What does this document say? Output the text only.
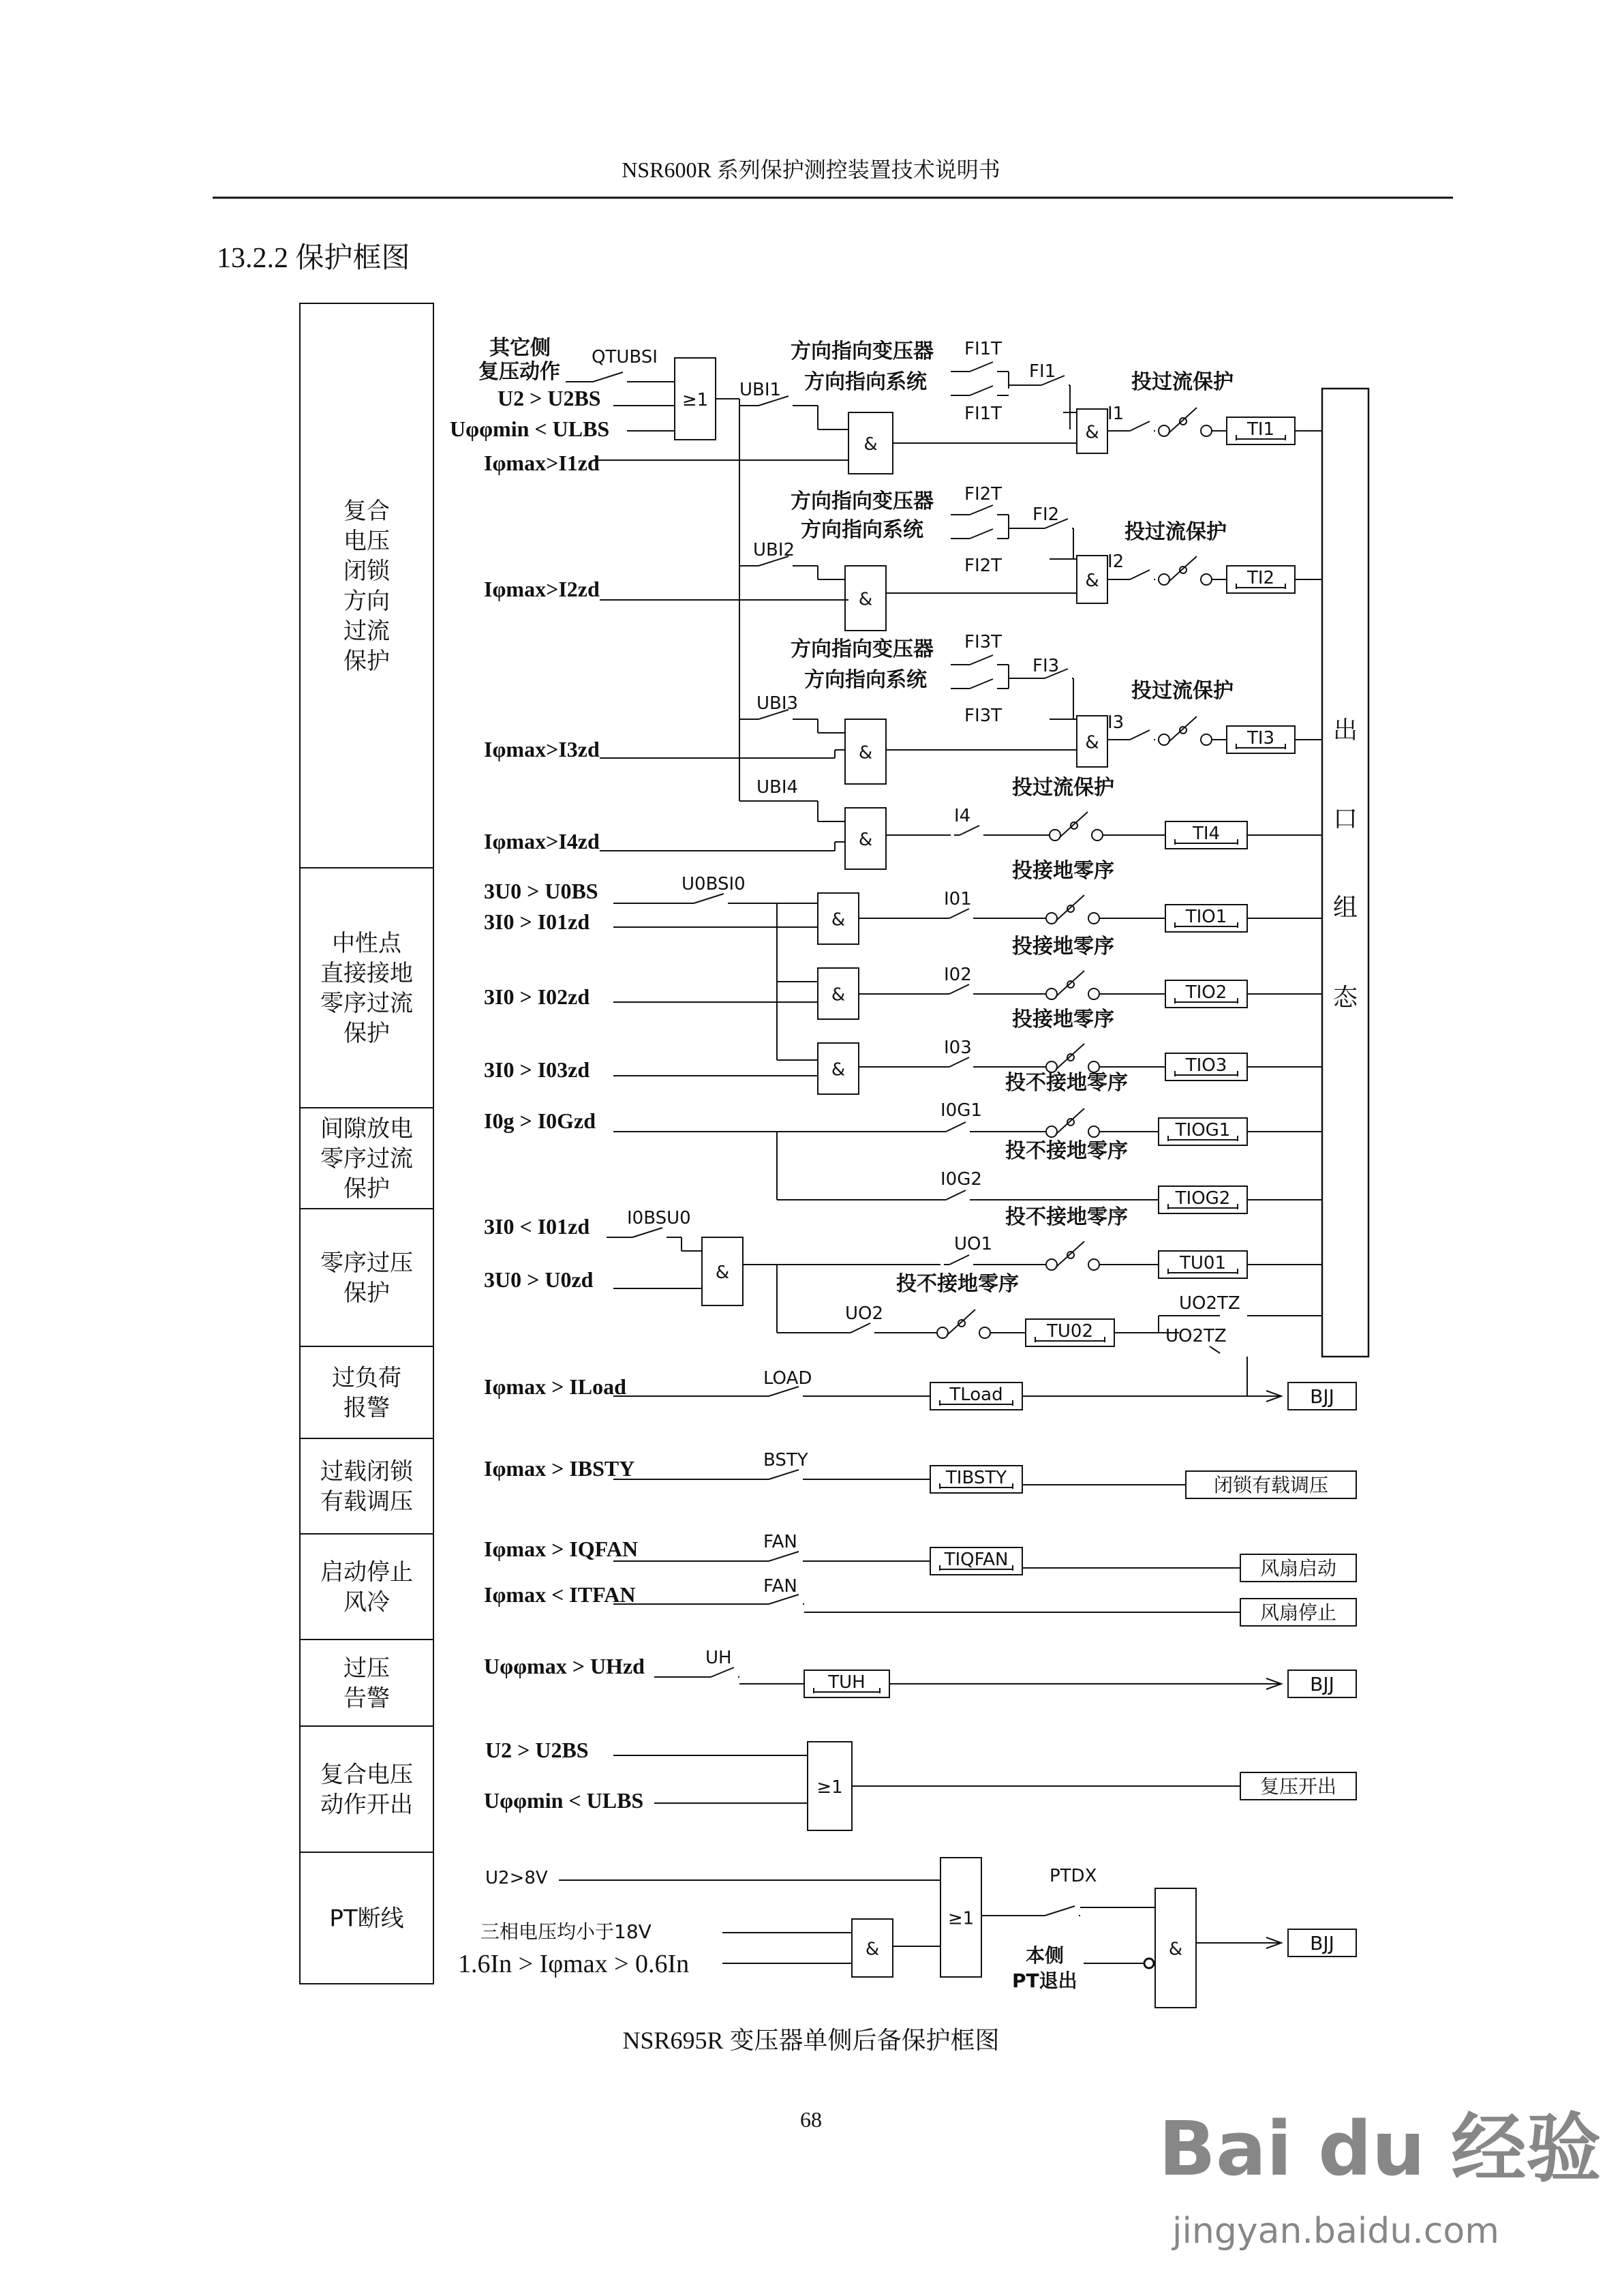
NSR600R 系列保护测控装置技术说明书
13.2.2 保护框图
出
口
组
态
复合
电压
闭锁
方向
过流
保护
中性点
直接接地
零序过流
保护
间隙放电
零序过流
保护
零序过压
保护
过负荷
报警
过载闭锁
有载调压
启动停止
风冷
过压
告警
复合电压
动作开出
PT断线
其它侧
复压动作
U2 > U2BS
Uφφmin < ULBS
QTUBSI
≥1
Iφmax>I1zd
UBI1
&
方向指向变压器
方向指向系统
FI1T
FI1
FI1T
&
I1
投过流保护
TI1
Iφmax>I2zd
UBI2
&
方向指向变压器
方向指向系统
FI2T
FI2
FI2T
&
I2
投过流保护
TI2
Iφmax>I3zd
UBI3
&
方向指向变压器
方向指向系统
FI3T
FI3
FI3T
&
I3
投过流保护
TI3
Iφmax>I4zd
UBI4
&
I4
投过流保护
TI4
3U0 > U0BS
3I0 > I01zd
3I0 > I02zd
3I0 > I03zd
U0BSI0
&
&
&
I01
投接地零序
TIO1
I02
投接地零序
TIO2
I03
投接地零序
TIO3
I0g > I0Gzd	I0G1
投不接地零序
TIOG1
I0G2
投不接地零序
TIOG2
3I0 < I01zd
3U0 > U0zd
I0BSU0
&
UO1
投不接地零序
TU01
UO2
投不接地零序
TU02
UO2TZ
UO2TZ
Iφmax > ILoad	LOAD
TLoad	BJJ
Iφmax > IBSTY	BSTY
TIBSTY	闭锁有载调压
Iφmax > IQFAN	FAN
TIQFAN	风扇启动
Iφmax < ITFAN	FAN
风扇停止
Uφφmax > UHzd	UH
TUH	BJJ
U2 > U2BS
Uφφmin < ULBS
≥1	复压开出
U2>8V
三相电压均小于18V
1.6In > Iφmax > 0.6In
&
≥1
PTDX
&
本侧
PT退出
BJJ
NSR695R 变压器单侧后备保护框图
68	Bai du 经验
jingyan.baidu.com
